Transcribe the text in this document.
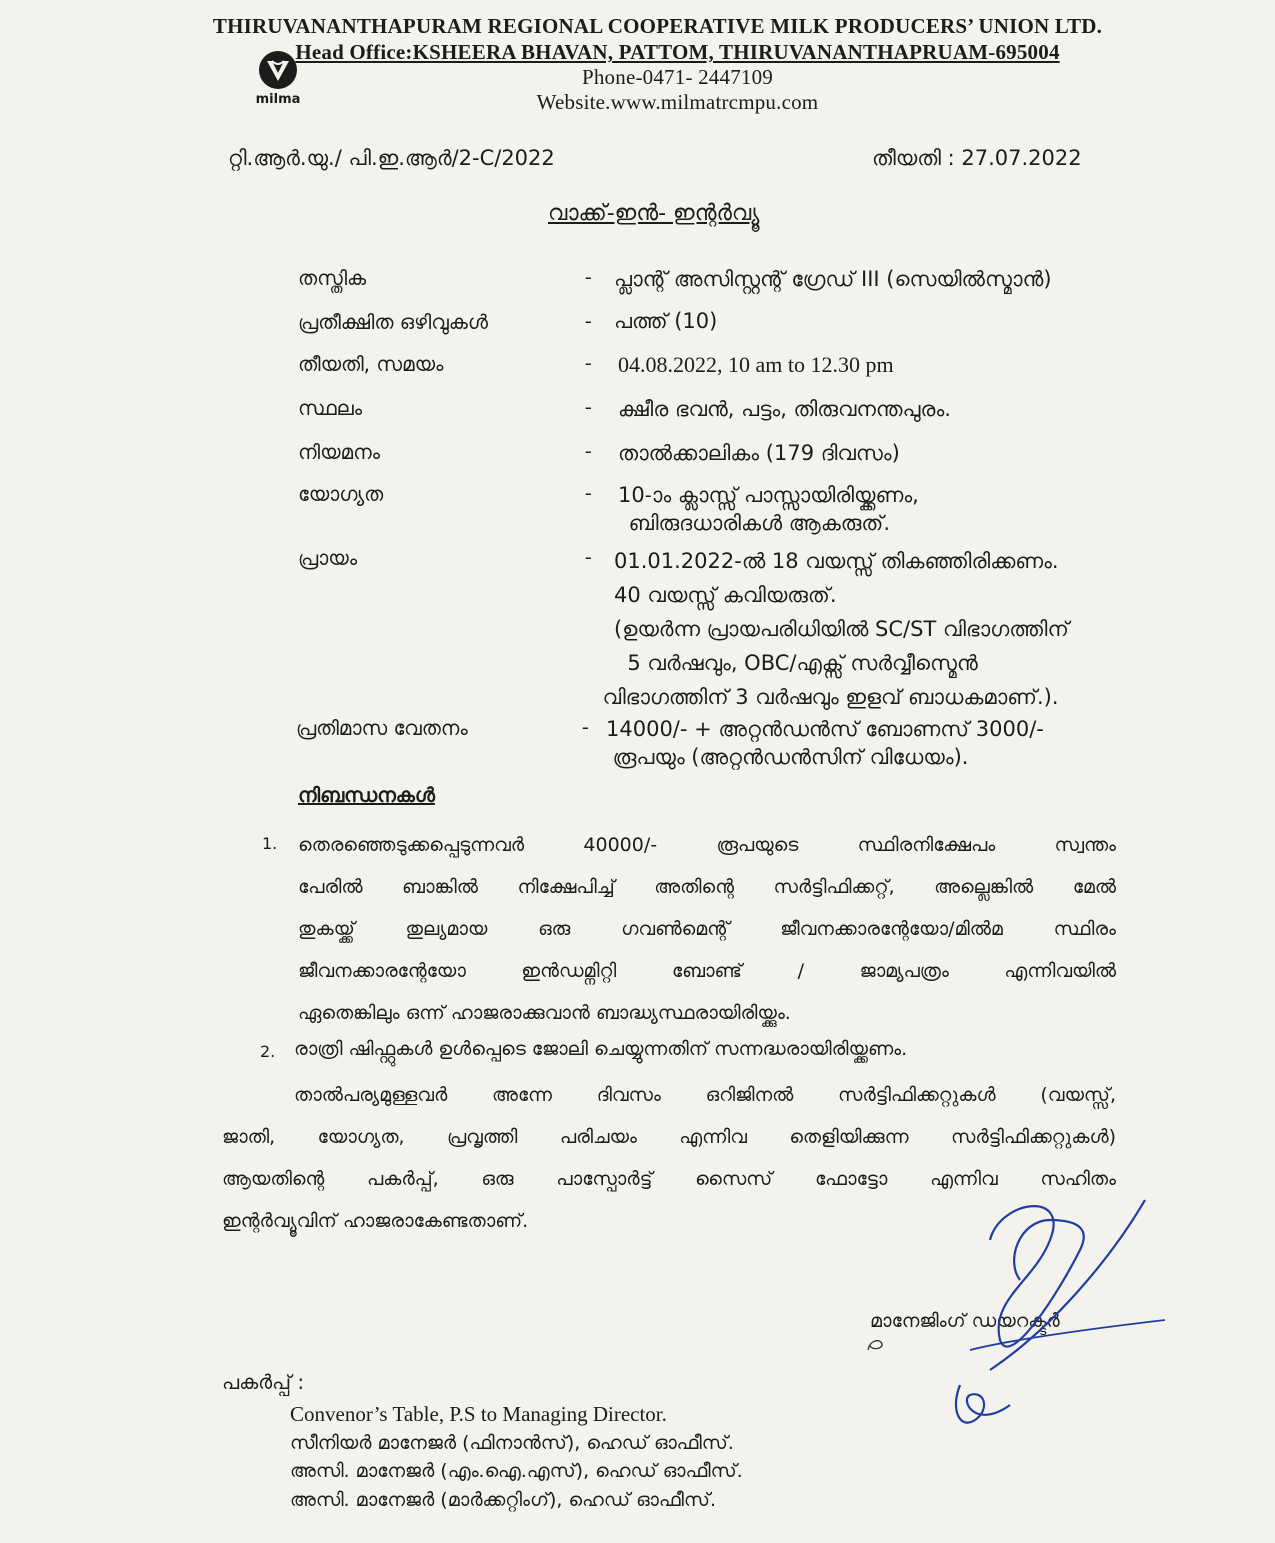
THIRUVANANTHAPURAM REGIONAL COOPERATIVE MILK PRODUCERS’ UNION LTD.
Head Office:KSHEERA BHAVAN, PATTOM, THIRUVANANTHAPRUAM-695004
Phone-0471- 2447109
Website.www.milmatrcmpu.com
milma
റ്റി.ആർ.യു./ പി.ഇ.ആർ/2-C/2022	തീയതി : 27.07.2022
വാക്ക്-ഇൻ- ഇന്റർവ്യൂ
തസ്തിക	- പ്ലാന്റ് അസിസ്റ്റന്റ് ഗ്രേഡ് III (സെയിൽസ്മാൻ)
പ്രതീക്ഷിത ഒഴിവുകൾ	- പത്ത് (10)
തീയതി, സമയം	- 04.08.2022, 10 am to 12.30 pm
സ്ഥലം	- ക്ഷീര ഭവൻ, പട്ടം, തിരുവനന്തപുരം.
നിയമനം	- താൽക്കാലികം (179 ദിവസം)
യോഗ്യത	- 10-ാം ക്ലാസ്സ് പാസ്സായിരിയ്ക്കണം,
ബിരുദധാരികൾ ആകരുത്.
പ്രായം	- 01.01.2022-ൽ 18 വയസ്സ് തികഞ്ഞിരിക്കണം.
40 വയസ്സ് കവിയരുത്.
(ഉയർന്ന പ്രായപരിധിയിൽ SC/ST വിഭാഗത്തിന്
5 വർഷവും, OBC/എക്സ് സർവ്വീസ്മെൻ
വിഭാഗത്തിന് 3 വർഷവും ഇളവ് ബാധകമാണ്.).
പ്രതിമാസ വേതനം	- 14000/- + അറ്റൻഡൻസ് ബോണസ് 3000/-
രൂപയും (അറ്റൻഡൻസിന് വിധേയം).
നിബന്ധനകൾ
1. തെരഞ്ഞെടുക്കപ്പെടുന്നവർ 40000/- രൂപയുടെ സ്ഥിരനിക്ഷേപം സ്വന്തം
പേരിൽ ബാങ്കിൽ നിക്ഷേപിച്ച് അതിന്റെ സർട്ടിഫിക്കറ്റ്, അല്ലെങ്കിൽ മേൽ
തുകയ്ക്ക് തുല്യമായ ഒരു ഗവൺമെന്റ് ജീവനക്കാരന്റേയോ/മിൽമ സ്ഥിരം
ജീവനക്കാരന്റേയോ ഇൻഡമ്നിറ്റി ബോണ്ട് / ജാമ്യപത്രം എന്നിവയിൽ
ഏതെങ്കിലും ഒന്ന് ഹാജരാക്കുവാൻ ബാദ്ധ്യസ്ഥരായിരിയ്ക്കും.
2. രാത്രി ഷിഫ്റ്റുകൾ ഉൾപ്പെടെ ജോലി ചെയ്യുന്നതിന് സന്നദ്ധരായിരിയ്ക്കണം.
താൽപര്യമുള്ളവർ അന്നേ ദിവസം ഒറിജിനൽ സർട്ടിഫിക്കറ്റുകൾ (വയസ്സ്,
ജാതി, യോഗ്യത, പ്രവൃത്തി പരിചയം എന്നിവ തെളിയിക്കുന്ന സർട്ടിഫിക്കറ്റുകൾ)
ആയതിന്റെ പകർപ്പ്, ഒരു പാസ്പോർട്ട് സൈസ് ഫോട്ടോ എന്നിവ സഹിതം
ഇന്റർവ്യൂവിന് ഹാജരാകേണ്ടതാണ്.
മാനേജിംഗ് ഡയറക്ടർ
പകർപ്പ് :
Convenor’s Table, P.S to Managing Director.
സീനിയർ മാനേജർ (ഫിനാൻസ്), ഹെഡ് ഓഫീസ്.
അസി. മാനേജർ (എം.ഐ.എസ്), ഹെഡ് ഓഫീസ്.
അസി. മാനേജർ (മാർക്കറ്റിംഗ്), ഹെഡ് ഓഫീസ്.
